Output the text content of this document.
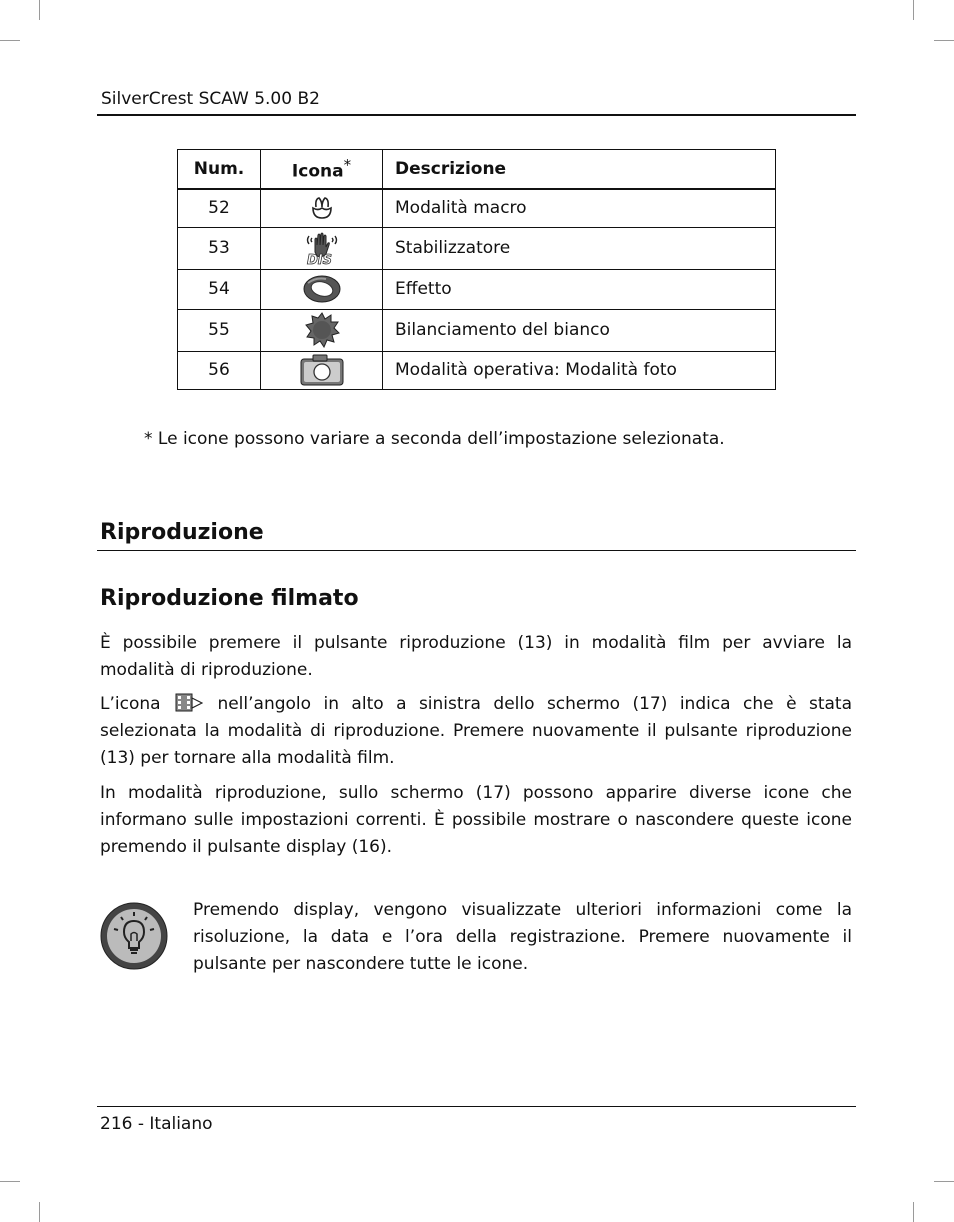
SilverCrest SCAW 5.00 B2
Num.	Icona*	Descrizione
52		Modalità macro
53	DIS	Stabilizzatore
54		Effetto
55		Bilanciamento del bianco
56		Modalità operativa: Modalità foto
* Le icone possono variare a seconda dell’impostazione selezionata.
Riproduzione
Riproduzione filmato

È possibile premere il pulsante riproduzione (13) in modalità film per avviare la modalità di riproduzione.

L’icona	nell’angolo in alto a sinistra dello schermo (17) indica che è stata selezionata la modalità di riproduzione. Premere nuovamente il pulsante riproduzione (13) per tornare alla modalità film.

In modalità riproduzione, sullo schermo (17) possono apparire diverse icone che informano sulle impostazioni correnti. È possibile mostrare o nascondere queste icone premendo il pulsante display (16).

Premendo display, vengono visualizzate ulteriori informazioni come la risoluzione, la data e l’ora della registrazione. Premere nuovamente il pulsante per nascondere tutte le icone.

216 - Italiano
